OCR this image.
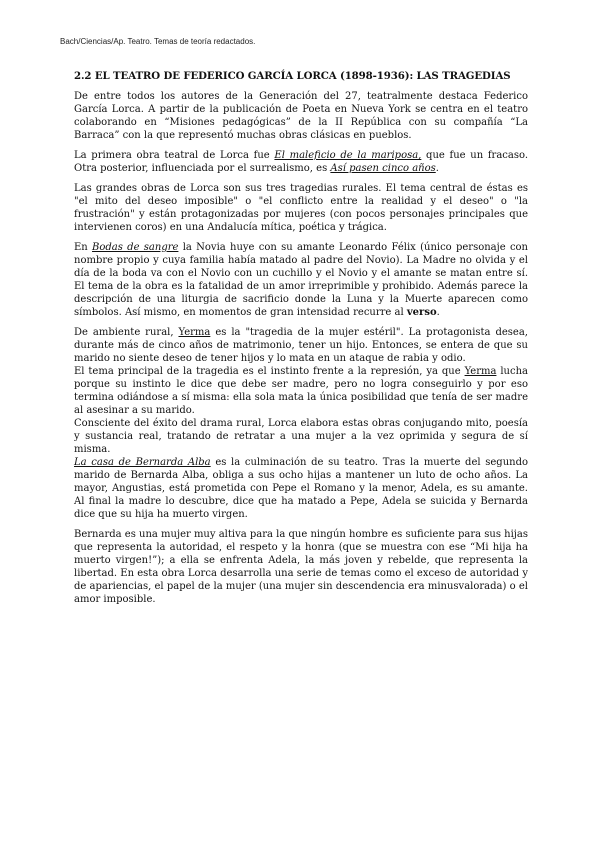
Bach/Ciencias/Ap. Teatro. Temas de teoría redactados.
2.2 EL TEATRO DE FEDERICO GARCÍA LORCA (1898-1936): LAS TRAGEDIAS

De entre todos los autores de la Generación del 27, teatralmente destaca Federico García Lorca. A partir de la publicación de Poeta en Nueva York se centra en el teatro colaborando en “Misiones pedagógicas” de la II República con su compañía “La Barraca” con la que representó muchas obras clásicas en pueblos.

La primera obra teatral de Lorca fue El maleficio de la mariposa, que fue un fracaso. Otra posterior, influenciada por el surrealismo, es Así pasen cinco años.

Las grandes obras de Lorca son sus tres tragedias rurales. El tema central de éstas es "el mito del deseo imposible" o "el conflicto entre la realidad y el deseo" o "la frustración" y están protagonizadas por mujeres (con pocos personajes principales que intervienen coros) en una Andalucía mítica, poética y trágica.

En Bodas de sangre la Novia huye con su amante Leonardo Félix (único personaje con nombre propio y cuya familia había matado al padre del Novio). La Madre no olvida y el día de la boda va con el Novio con un cuchillo y el Novio y el amante se matan entre sí. El tema de la obra es la fatalidad de un amor irreprimible y prohibido. Además parece la descripción de una liturgia de sacrificio donde la Luna y la Muerte aparecen como símbolos. Así mismo, en momentos de gran intensidad recurre al verso.

De ambiente rural, Yerma es la "tragedia de la mujer estéril". La protagonista desea, durante más de cinco años de matrimonio, tener un hijo. Entonces, se entera de que su marido no siente deseo de tener hijos y lo mata en un ataque de rabia y odio.

El tema principal de la tragedia es el instinto frente a la represión, ya que Yerma lucha porque su instinto le dice que debe ser madre, pero no logra conseguirlo y por eso termina odiándose a sí misma: ella sola mata la única posibilidad que tenía de ser madre al asesinar a su marido.

Consciente del éxito del drama rural, Lorca elabora estas obras conjugando mito, poesía y sustancia real, tratando de retratar a una mujer a la vez oprimida y segura de sí misma.

La casa de Bernarda Alba es la culminación de su teatro. Tras la muerte del segundo marido de Bernarda Alba, obliga a sus ocho hijas a mantener un luto de ocho años. La mayor, Angustias, está prometida con Pepe el Romano y la menor, Adela, es su amante. Al final la madre lo descubre, dice que ha matado a Pepe, Adela se suicida y Bernarda dice que su hija ha muerto virgen.

Bernarda es una mujer muy altiva para la que ningún hombre es suficiente para sus hijas que representa la autoridad, el respeto y la honra (que se muestra con ese “Mi hija ha muerto virgen!”); a ella se enfrenta Adela, la más joven y rebelde, que representa la libertad. En esta obra Lorca desarrolla una serie de temas como el exceso de autoridad y de apariencias, el papel de la mujer (una mujer sin descendencia era minusvalorada) o el amor imposible.
